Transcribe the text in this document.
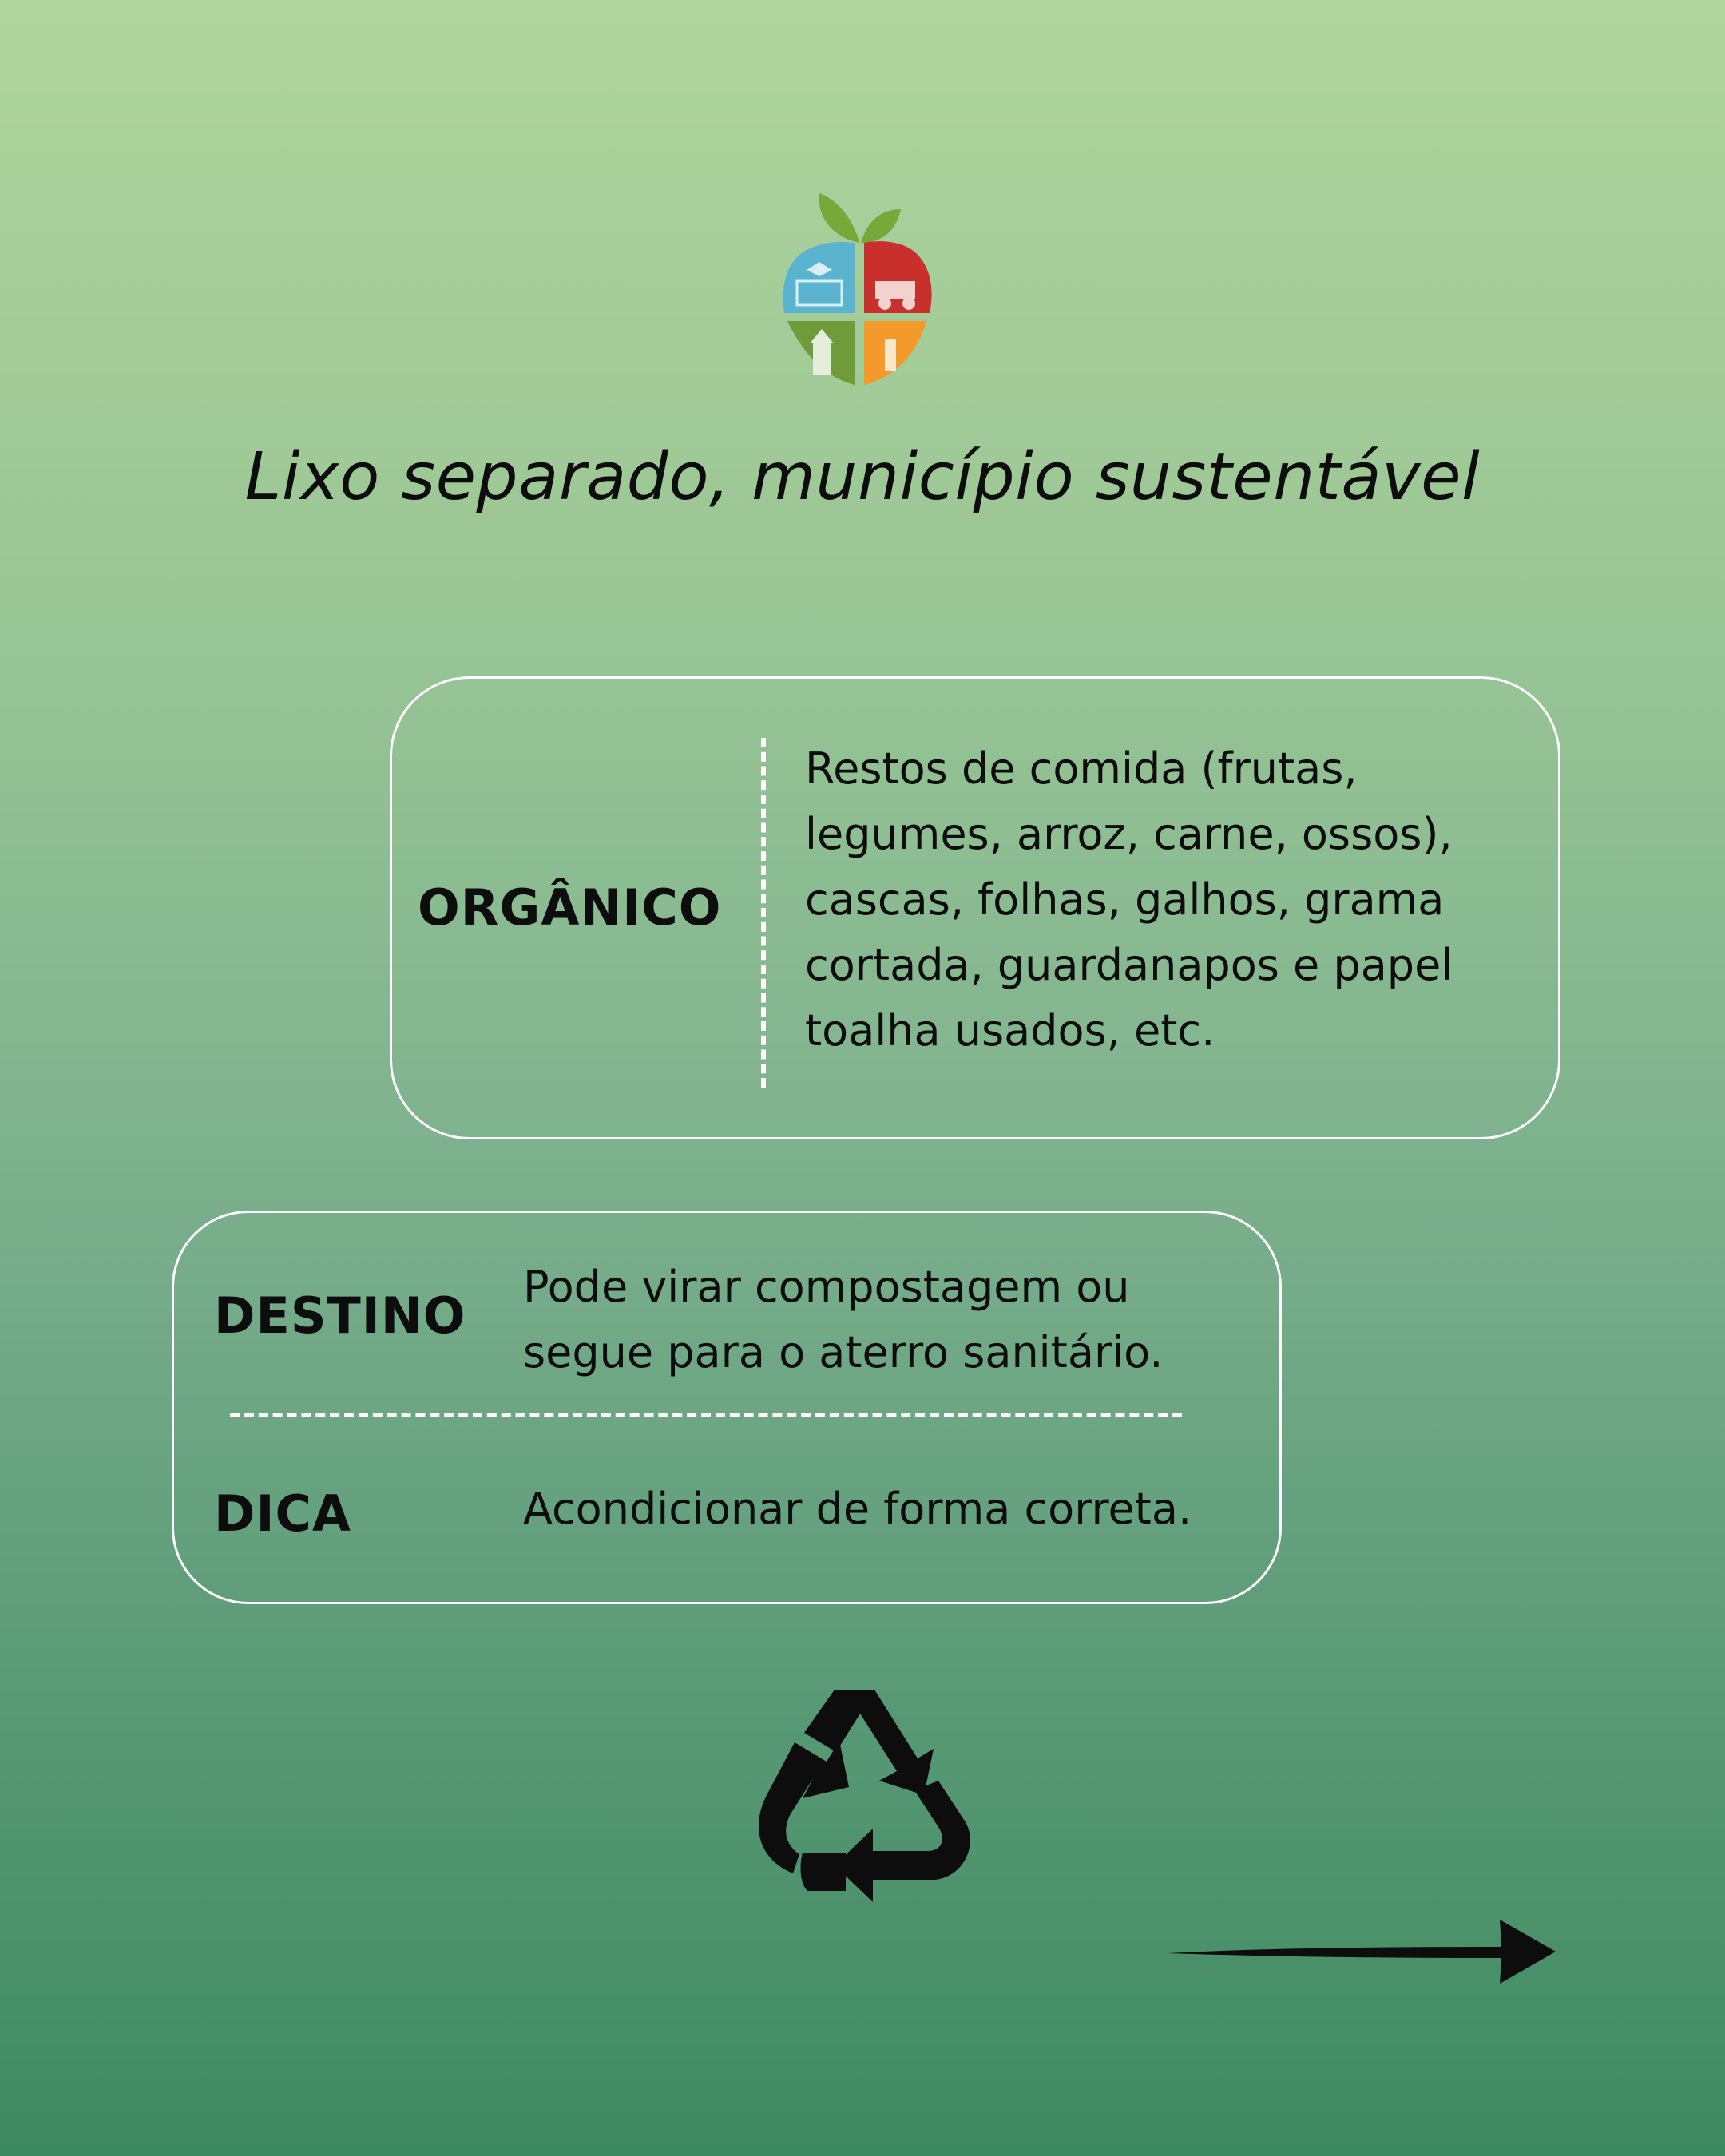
Lixo separado, município sustentável
ORGÂNICO
Restos de comida (frutas,
legumes, arroz, carne, ossos),
cascas, folhas, galhos, grama
cortada, guardanapos e papel
toalha usados, etc.
DESTINO Pode virar compostagem ou
segue para o aterro sanitário.
DICA	Acondicionar de forma correta.
